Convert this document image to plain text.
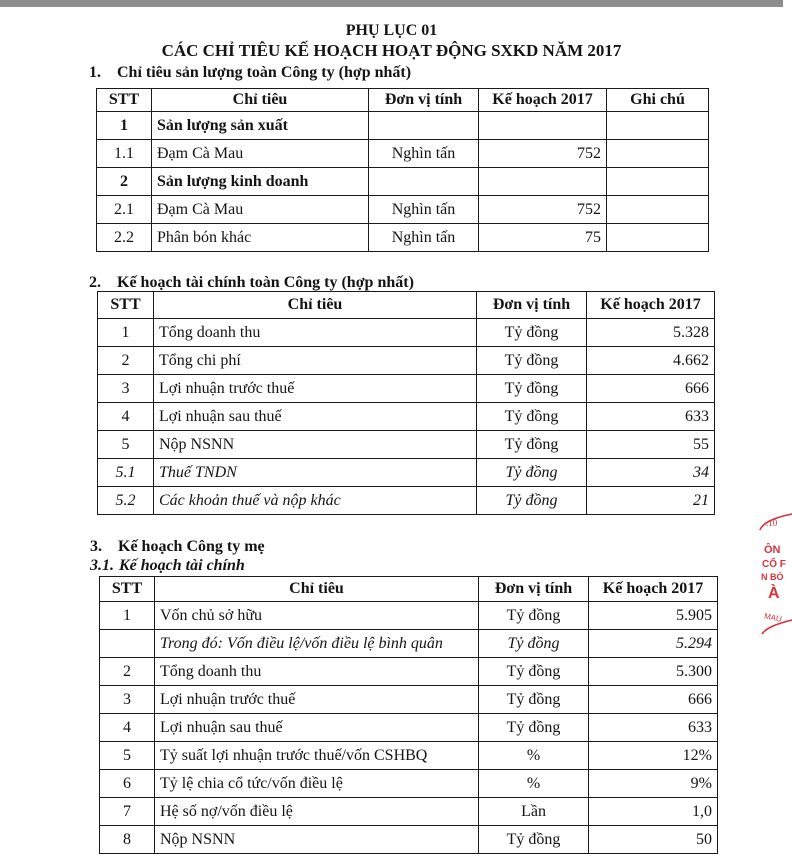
PHỤ LỤC 01
CÁC CHỈ TIÊU KẾ HOẠCH HOẠT ĐỘNG SXKD NĂM 2017
1. Chỉ tiêu sản lượng toàn Công ty (hợp nhất)
STT	Chỉ tiêu	Đơn vị tính	Kế hoạch 2017	Ghi chú
1	Sản lượng sản xuất			
1.1	Đạm Cà Mau	Nghìn tấn	752	
2	Sản lượng kinh doanh			
2.1	Đạm Cà Mau	Nghìn tấn	752	
2.2	Phân bón khác	Nghìn tấn	75	
2. Kế hoạch tài chính toàn Công ty (hợp nhất)
STT	Chỉ tiêu	Đơn vị tính	Kế hoạch 2017
1	Tổng doanh thu	Tỷ đồng	5.328
2	Tổng chi phí	Tỷ đồng	4.662
3	Lợi nhuận trước thuế	Tỷ đồng	666
4	Lợi nhuận sau thuế	Tỷ đồng	633
5	Nộp NSNN	Tỷ đồng	55
5.1	Thuế TNDN	Tỷ đồng	34
5.2	Các khoản thuế và nộp khác	Tỷ đồng	21
3. Kế hoạch Công ty mẹ
3.1. Kế hoạch tài chính
STT	Chỉ tiêu	Đơn vị tính	Kế hoạch 2017
1	Vốn chủ sở hữu	Tỷ đồng	5.905
	Trong đó: Vốn điều lệ/vốn điều lệ bình quân	Tỷ đồng	5.294
2	Tổng doanh thu	Tỷ đồng	5.300
3	Lợi nhuận trước thuế	Tỷ đồng	666
4	Lợi nhuận sau thuế	Tỷ đồng	633
5	Tỷ suất lợi nhuận trước thuế/vốn CSHBQ	%	12%
6	Tỷ lệ chia cổ tức/vốn điều lệ	%	9%
7	Hệ số nợ/vốn điều lệ	Lần	1,0
8	Nộp NSNN	Tỷ đồng	50
.10
ÔN
CỔ F
N BÓ
À
MAU
